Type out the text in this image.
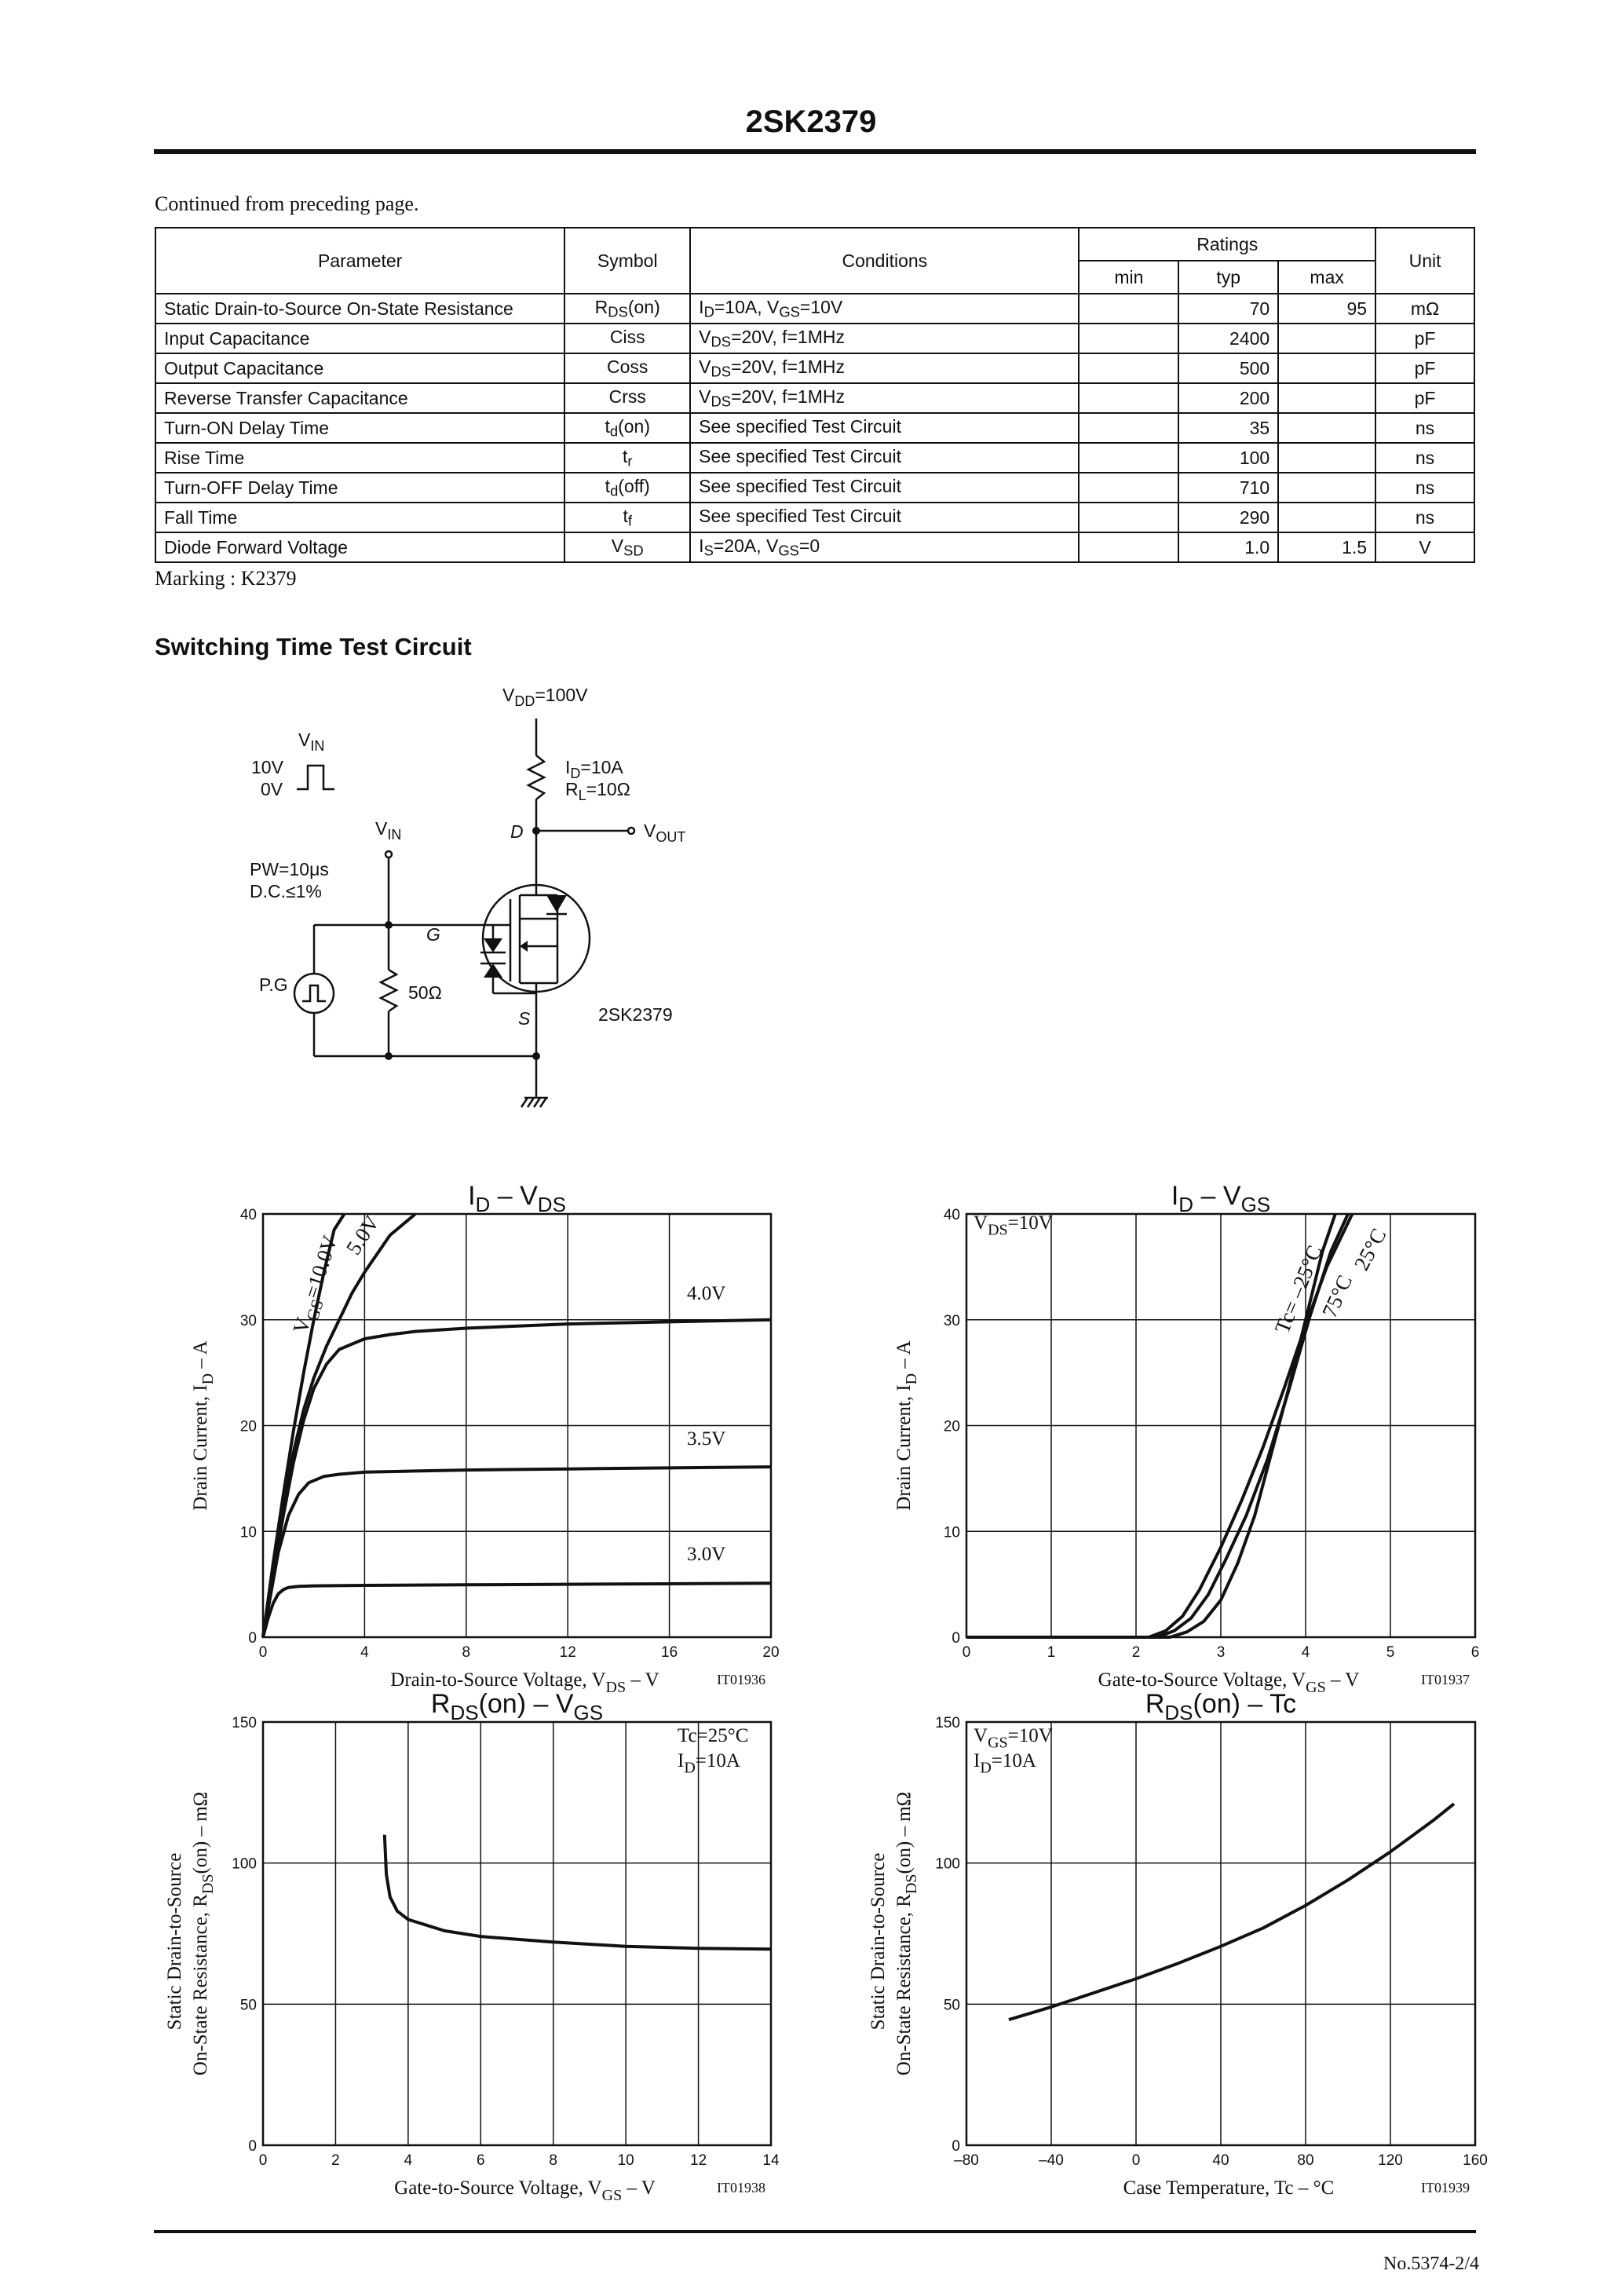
2SK2379
Continued from preceding page.
Parameter	Symbol	Conditions	Ratings			Unit
			min	typ	max	
Static Drain-to-Source On-State Resistance	$R_{DS}(on)$	$I_D=10A$, $V_{GS}=10V$		70	95	mΩ
Input Capacitance	Ciss	$V_{DS}=20V$, f=1MHz		2400		pF
Output Capacitance	Coss	$V_{DS}=20V$, f=1MHz		500		pF
Reverse Transfer Capacitance	Crss	$V_{DS}=20V$, f=1MHz		200		pF
Turn-ON Delay Time	$t_d(on)$	See specified Test Circuit		35		ns
Rise Time	$t_r$	See specified Test Circuit		100		ns
Turn-OFF Delay Time	$t_d(off)$	See specified Test Circuit		710		ns
Fall Time	$t_f$	See specified Test Circuit		290		ns
Diode Forward Voltage	$V_{SD}$	$I_S=20A$, $V_{GS}=0$		1.0	1.5	V
Marking : K2379
Switching Time Test Circuit
$V_{DD}=100V$
$V_{IN}$
10V
0V
$I_D=10A$
$R_L=10\Omega$
$V_{IN}$	D	$V_{OUT}$
PW=10μs
D.C.≤1%
G
P.G	50Ω
S	2SK2379
0	4	8	12	16	20
0
10
20
30
40
$I_D - V_{DS}$
Drain-to-Source Voltage, $V_{DS}$ – V	IT01936
Drain Current, $I_D$ – A
0	1	2	3	4	5	6
0
10
20
30
40
$I_D - V_{GS}$
Gate-to-Source Voltage, $V_{GS}$ – V	IT01937
Drain Current, $I_D$ – A
0	2	4	6	8	10	12	14
0
50
100
150
$R_{DS}(on) - V_{GS}$
Gate-to-Source Voltage, $V_{GS}$ – V	IT01938
Static Drain-to-Source On-State Resistance, $R_{DS}(on)$ – mΩ
–80	–40	0	40	80	120	160
0
50
100
150
$R_{DS}(on)$ – Tc
Case Temperature, Tc – °C	IT01939
Static Drain-to-Source On-State Resistance, $R_{DS}(on)$ – mΩ
$V_{GS}=10.0V$ 5.0V
4.0V
3.5V
3.0V
$V_{DS}=10V$
Tc= –25°C
75°C
25°C
Tc=25°C
$I_D=10A$
$V_{GS}=10V$
$I_D=10A$
No.5374-2/4
